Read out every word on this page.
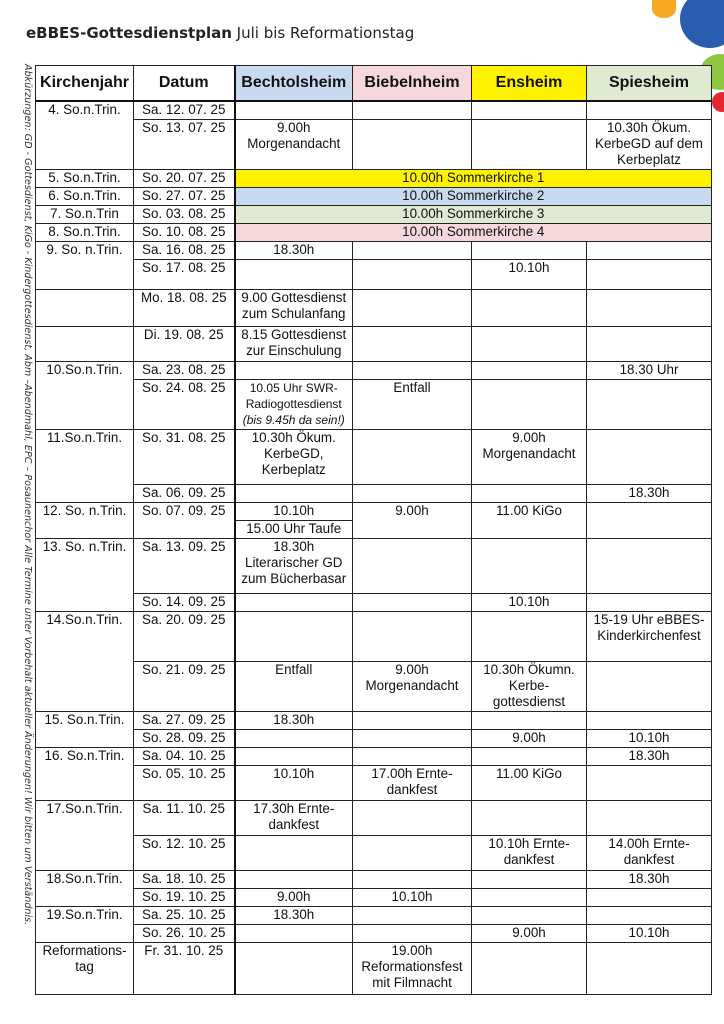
eBBES-Gottesdienstplan Juli bis Reformationstag
Abkürzungen: GD - Gottesdienst, KiGo - Kindergottesdienst, Abm –Abendmahl, EPC – Posaunenchor Alle Termine unter Vorbehalt aktueller Änderungen! Wir bitten um Verständnis. Kirchenjahr	Datum	Bechtolsheim	Biebelnheim	Ensheim	Spiesheim
4. So.n.Trin.	Sa. 12. 07. 25				
	So. 13. 07. 25	9.00h Morgenandacht			10.30h Ökum. KerbeGD auf dem Kerbeplatz
5. So.n.Trin.	So. 20. 07. 25	10.00h Sommerkirche 1			
6. So.n.Trin.	So. 27. 07. 25	10.00h Sommerkirche 2			
7. So.n.Trin	So. 03. 08. 25	10.00h Sommerkirche 3			
8. So.n.Trin.	So. 10. 08. 25	10.00h Sommerkirche 4			
9. So. n.Trin.	Sa. 16. 08. 25	18.30h			
	So. 17. 08. 25			10.10h	
	Mo. 18. 08. 25	9.00 Gottesdienst zum Schulanfang			
	Di. 19. 08. 25	8.15 Gottesdienst zur Einschulung			
10.So.n.Trin.	Sa. 23. 08. 25				18.30 Uhr
	So. 24. 08. 25	10.05 Uhr SWR-Radiogottesdienst
(bis 9.45h da sein!)	Entfall		
11.So.n.Trin.	So. 31. 08. 25	10.30h Ökum. KerbeGD, Kerbeplatz		9.00h Morgenandacht	
	Sa. 06. 09. 25				18.30h
12. So. n.Trin.	So. 07. 09. 25	10.10h	9.00h	11.00 KiGo	
		15.00 Uhr Taufe			
13. So. n.Trin.	Sa. 13. 09. 25	18.30h Literarischer GD zum Bücherbasar			
	So. 14. 09. 25			10.10h	
14.So.n.Trin.	Sa. 20. 09. 25				15-19 Uhr eBBES-Kinderkirchenfest
	So. 21. 09. 25	Entfall	9.00h Morgenandacht	10.30h Ökumn. Kerbe-gottesdienst	
15. So.n.Trin.	Sa. 27. 09. 25	18.30h			
	So. 28. 09. 25			9.00h	10.10h
16. So.n.Trin.	Sa. 04. 10. 25				18.30h
	So. 05. 10. 25	10.10h	17.00h Ernte-dankfest	11.00 KiGo	
17.So.n.Trin.	Sa. 11. 10. 25	17.30h Ernte-dankfest			
	So. 12. 10. 25			10.10h Ernte-dankfest	14.00h Ernte-dankfest
18.So.n.Trin.	Sa. 18. 10. 25				18.30h
	So. 19. 10. 25	9.00h	10.10h		
19.So.n.Trin.	Sa. 25. 10. 25	18.30h			
	So. 26. 10. 25			9.00h	10.10h
Reformations-tag	Fr. 31. 10. 25		19.00h Reformationsfest mit Filmnacht		
